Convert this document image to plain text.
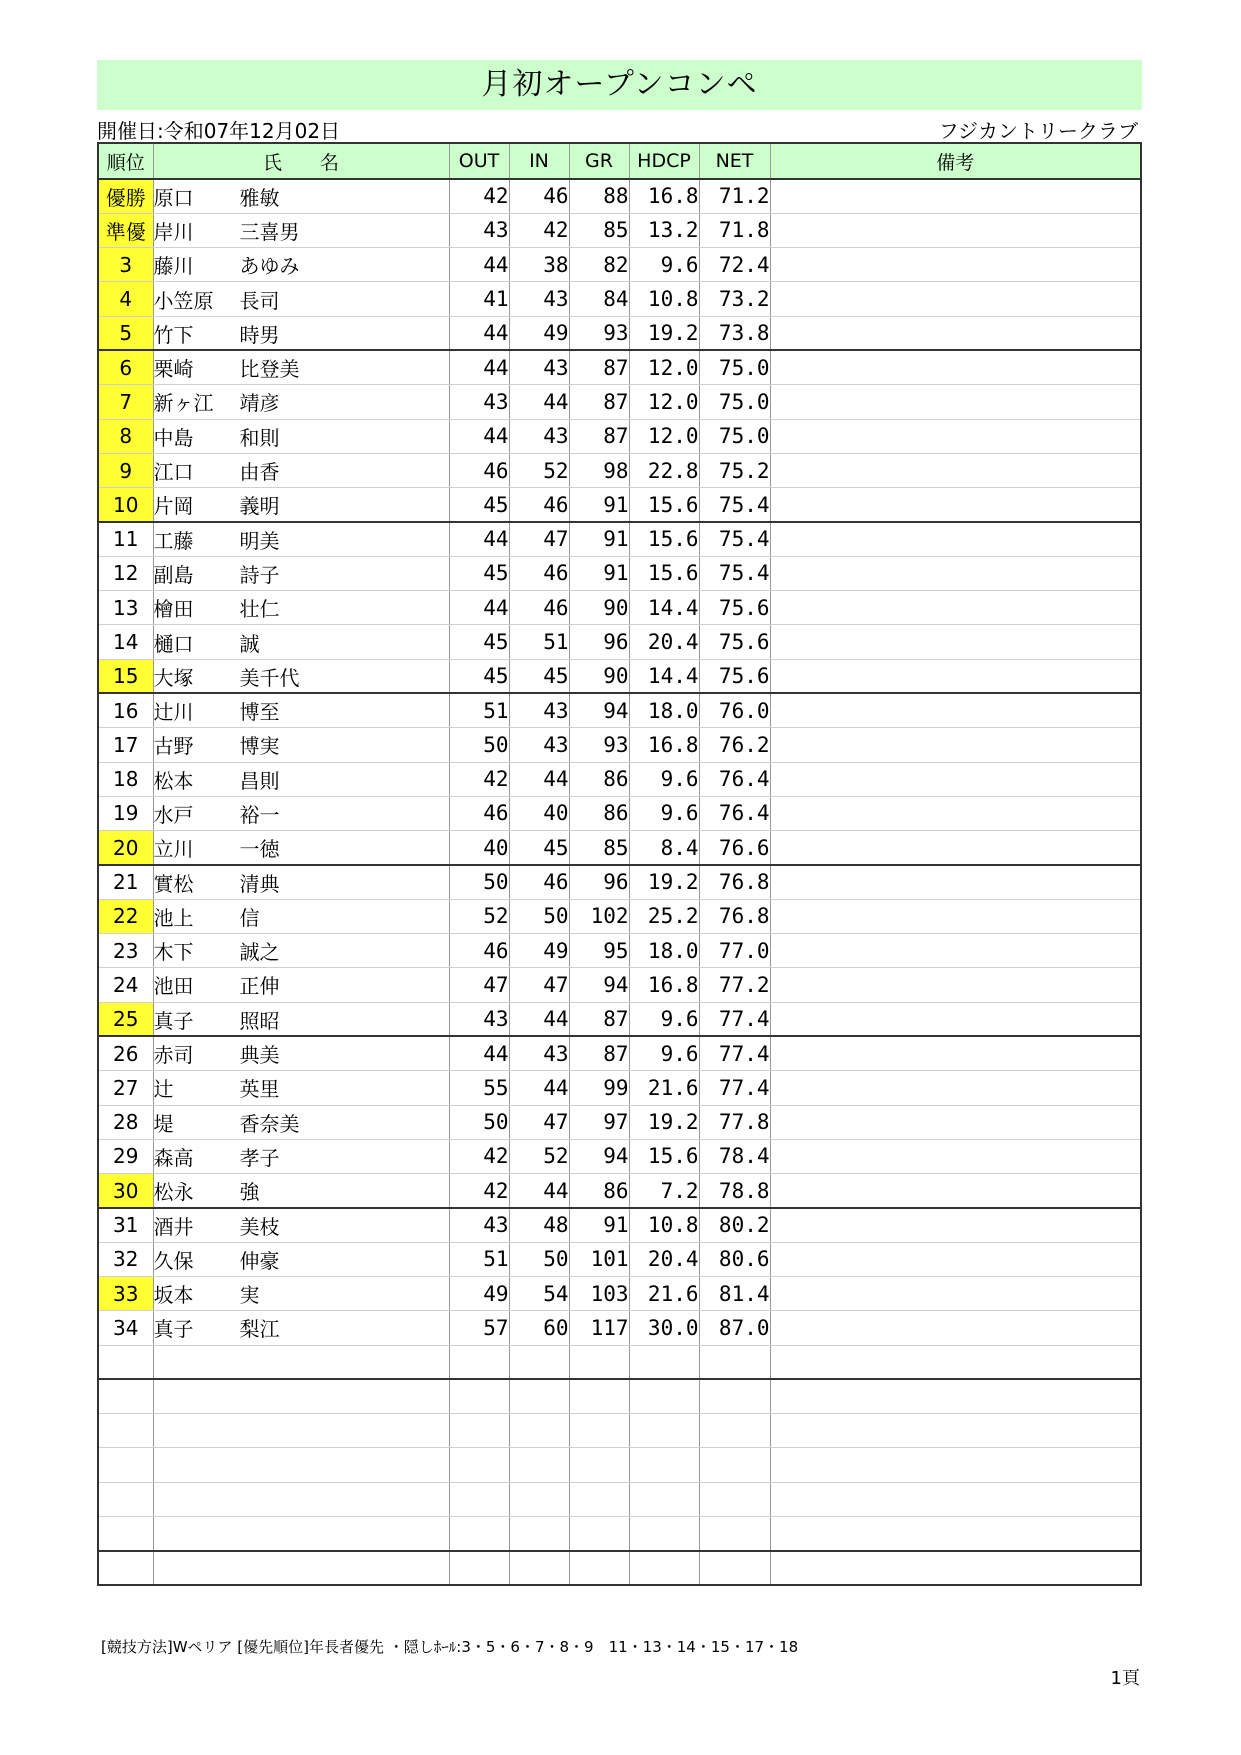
月初オープンコンペ
開催日:令和07年12月02日	フジカントリークラブ
順位	氏　　名	OUT	IN	GR	HDCP	NET	備考
優勝	原口 雅敏	42	46	88	16.8	71.2	
準優	岸川 三喜男	43	42	85	13.2	71.8	
3	藤川 あゆみ	44	38	82	9.6	72.4	
4	小笠原 長司	41	43	84	10.8	73.2	
5	竹下 時男	44	49	93	19.2	73.8	
6	栗崎 比登美	44	43	87	12.0	75.0	
7	新ヶ江 靖彦	43	44	87	12.0	75.0	
8	中島 和則	44	43	87	12.0	75.0	
9	江口 由香	46	52	98	22.8	75.2	
10	片岡 義明	45	46	91	15.6	75.4	
11	工藤 明美	44	47	91	15.6	75.4	
12	副島 詩子	45	46	91	15.6	75.4	
13	檜田 壮仁	44	46	90	14.4	75.6	
14	樋口 誠	45	51	96	20.4	75.6	
15	大塚 美千代	45	45	90	14.4	75.6	
16	辻川 博至	51	43	94	18.0	76.0	
17	古野 博実	50	43	93	16.8	76.2	
18	松本 昌則	42	44	86	9.6	76.4	
19	水戸 裕一	46	40	86	9.6	76.4	
20	立川 一徳	40	45	85	8.4	76.6	
21	實松 清典	50	46	96	19.2	76.8	
22	池上 信	52	50	102	25.2	76.8	
23	木下 誠之	46	49	95	18.0	77.0	
24	池田 正伸	47	47	94	16.8	77.2	
25	真子 照昭	43	44	87	9.6	77.4	
26	赤司 典美	44	43	87	9.6	77.4	
27	辻 英里	55	44	99	21.6	77.4	
28	堤 香奈美	50	47	97	19.2	77.8	
29	森高 孝子	42	52	94	15.6	78.4	
30	松永 強	42	44	86	7.2	78.8	
31	酒井 美枝	43	48	91	10.8	80.2	
32	久保 伸豪	51	50	101	20.4	80.6	
33	坂本 実	49	54	103	21.6	81.4	
34	真子 梨江	57	60	117	30.0	87.0	

[競技方法]Wペリア [優先順位]年長者優先 ・隠しﾎｰﾙ:3・5・6・7・8・9　11・13・14・15・17・18
1頁
